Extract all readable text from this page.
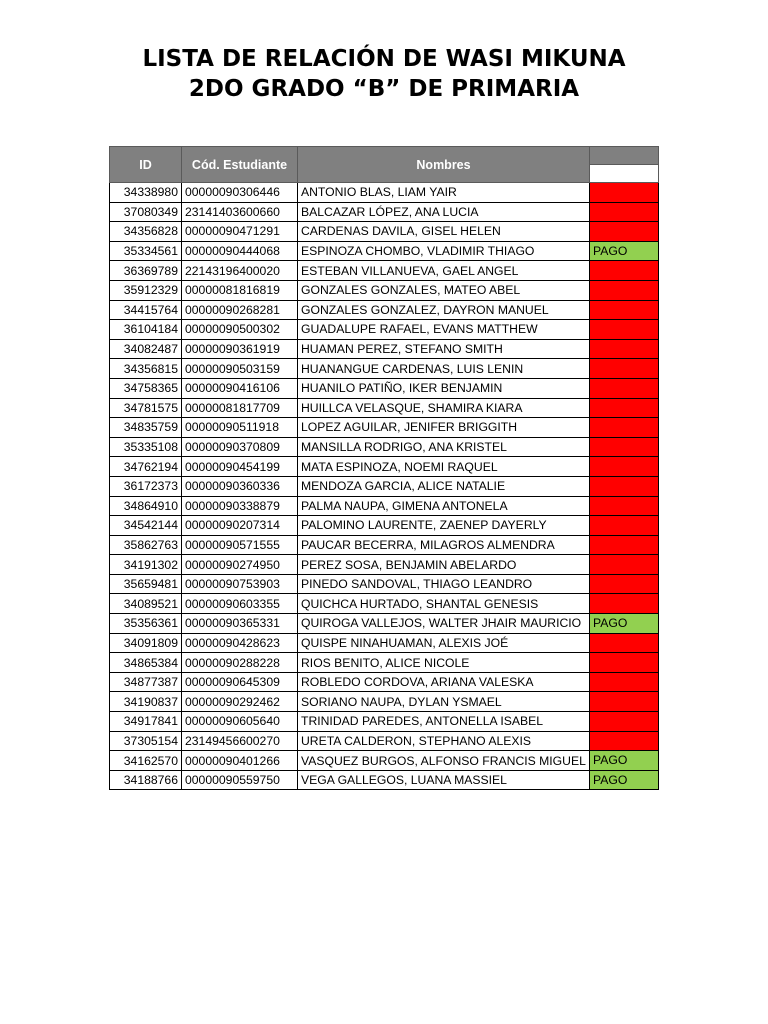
LISTA DE RELACIÓN DE WASI MIKUNA
2DO GRADO “B” DE PRIMARIA
ID	Cód. Estudiante	Nombres	

34338980	00000090306446	ANTONIO BLAS, LIAM YAIR	
37080349	23141403600660	BALCAZAR LÓPEZ, ANA LUCIA	
34356828	00000090471291	CARDENAS DAVILA, GISEL HELEN	
35334561	00000090444068	ESPINOZA CHOMBO, VLADIMIR THIAGO	PAGO
36369789	22143196400020	ESTEBAN VILLANUEVA, GAEL ANGEL	
35912329	00000081816819	GONZALES GONZALES, MATEO ABEL	
34415764	00000090268281	GONZALES GONZALEZ, DAYRON MANUEL	
36104184	00000090500302	GUADALUPE RAFAEL, EVANS MATTHEW	
34082487	00000090361919	HUAMAN PEREZ, STEFANO SMITH	
34356815	00000090503159	HUANANGUE CARDENAS, LUIS LENIN	
34758365	00000090416106	HUANILO PATIÑO, IKER BENJAMIN	
34781575	00000081817709	HUILLCA VELASQUE, SHAMIRA KIARA	
34835759	00000090511918	LOPEZ AGUILAR, JENIFER BRIGGITH	
35335108	00000090370809	MANSILLA RODRIGO, ANA KRISTEL	
34762194	00000090454199	MATA ESPINOZA, NOEMI RAQUEL	
36172373	00000090360336	MENDOZA GARCIA, ALICE NATALIE	
34864910	00000090338879	PALMA NAUPA, GIMENA ANTONELA	
34542144	00000090207314	PALOMINO LAURENTE, ZAENEP DAYERLY	
35862763	00000090571555	PAUCAR BECERRA, MILAGROS ALMENDRA	
34191302	00000090274950	PEREZ SOSA, BENJAMIN ABELARDO	
35659481	00000090753903	PINEDO SANDOVAL, THIAGO LEANDRO	
34089521	00000090603355	QUICHCA HURTADO, SHANTAL GENESIS	
35356361	00000090365331	QUIROGA VALLEJOS, WALTER JHAIR MAURICIO	PAGO
34091809	00000090428623	QUISPE NINAHUAMAN, ALEXIS JOÉ	
34865384	00000090288228	RIOS BENITO, ALICE NICOLE	
34877387	00000090645309	ROBLEDO CORDOVA, ARIANA VALESKA	
34190837	00000090292462	SORIANO NAUPA, DYLAN YSMAEL	
34917841	00000090605640	TRINIDAD PAREDES, ANTONELLA ISABEL	
37305154	23149456600270	URETA CALDERON, STEPHANO ALEXIS	
34162570	00000090401266	VASQUEZ BURGOS, ALFONSO FRANCIS MIGUEL	PAGO
34188766	00000090559750	VEGA GALLEGOS, LUANA MASSIEL	PAGO
